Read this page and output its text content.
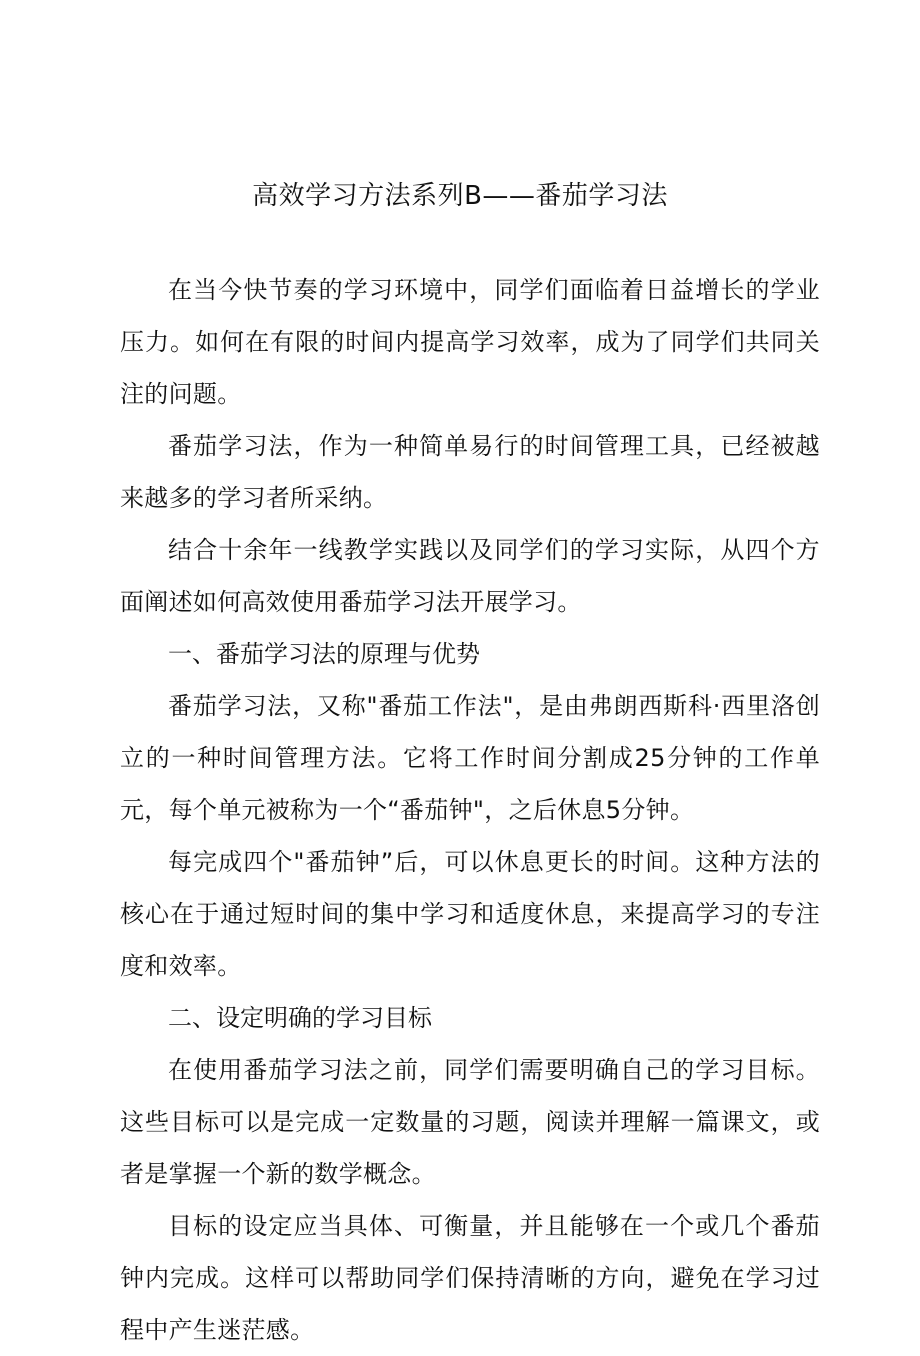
高效学习方法系列B——番茄学习法

在当今快节奏的学习环境中，同学们面临着日益增长的学业压力。如何在有限的时间内提高学习效率，成为了同学们共同关注的问题。

番茄学习法，作为一种简单易行的时间管理工具，已经被越来越多的学习者所采纳。

结合十余年一线教学实践以及同学们的学习实际，从四个方面阐述如何高效使用番茄学习法开展学习。

一、番茄学习法的原理与优势

番茄学习法，又称"番茄工作法"，是由弗朗西斯科·西里洛创立的一种时间管理方法。它将工作时间分割成25分钟的工作单元，每个单元被称为一个“番茄钟"，之后休息5分钟。

每完成四个"番茄钟”后，可以休息更长的时间。这种方法的核心在于通过短时间的集中学习和适度休息，来提高学习的专注度和效率。

二、设定明确的学习目标

在使用番茄学习法之前，同学们需要明确自己的学习目标。这些目标可以是完成一定数量的习题，阅读并理解一篇课文，或者是掌握一个新的数学概念。

目标的设定应当具体、可衡量，并且能够在一个或几个番茄钟内完成。这样可以帮助同学们保持清晰的方向，避免在学习过程中产生迷茫感。
